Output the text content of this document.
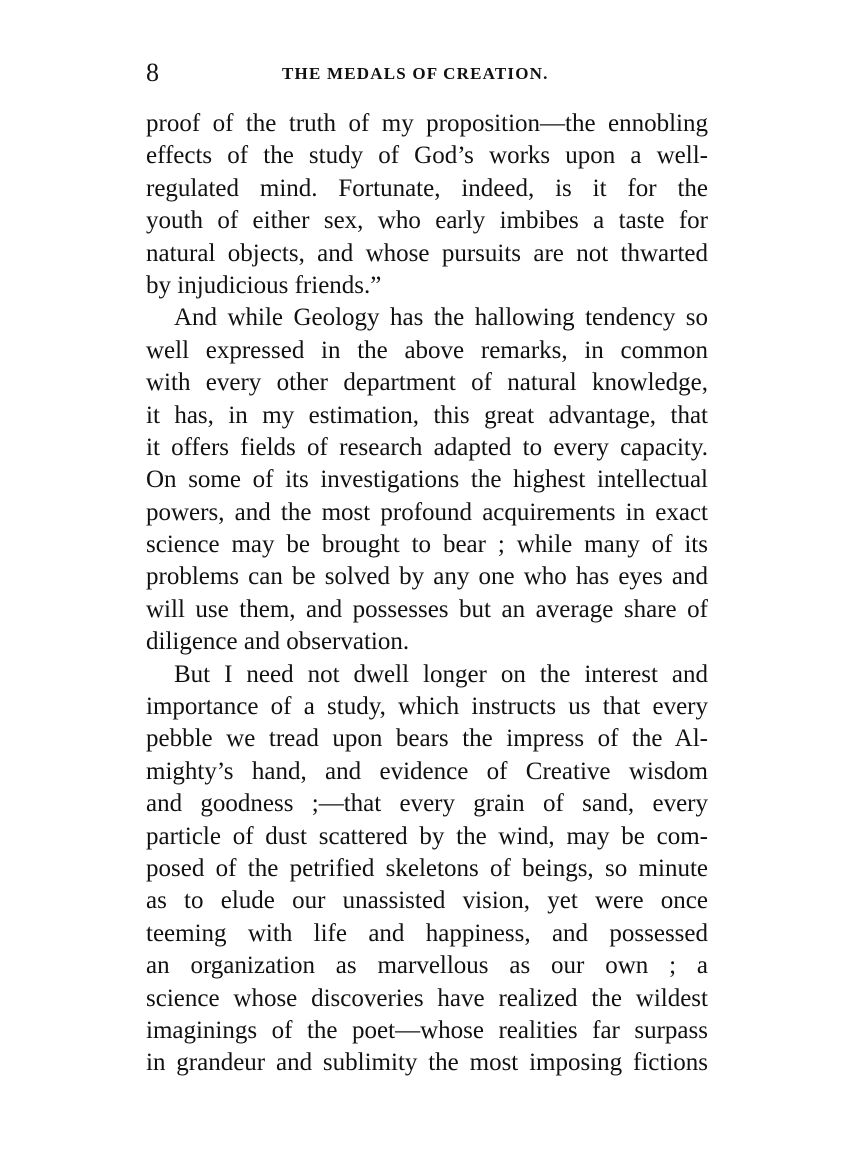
8	THE MEDALS OF CREATION.
proof of the truth of my proposition—the ennobling
effects of the study of God’s works upon a well-
regulated mind. Fortunate, indeed, is it for the
youth of either sex, who early imbibes a taste for
natural objects, and whose pursuits are not thwarted
by injudicious friends.”
And while Geology has the hallowing tendency so
well expressed in the above remarks, in common
with every other department of natural knowledge,
it has, in my estimation, this great advantage, that
it offers fields of research adapted to every capacity.
On some of its investigations the highest intellectual
powers, and the most profound acquirements in exact
science may be brought to bear ; while many of its
problems can be solved by any one who has eyes and
will use them, and possesses but an average share of
diligence and observation.
But I need not dwell longer on the interest and
importance of a study, which instructs us that every
pebble we tread upon bears the impress of the Al-
mighty’s hand, and evidence of Creative wisdom
and goodness ;—that every grain of sand, every
particle of dust scattered by the wind, may be com-
posed of the petrified skeletons of beings, so minute
as to elude our unassisted vision, yet were once
teeming with life and happiness, and possessed
an organization as marvellous as our own ; a
science whose discoveries have realized the wildest
imaginings of the poet—whose realities far surpass
in grandeur and sublimity the most imposing fictions
